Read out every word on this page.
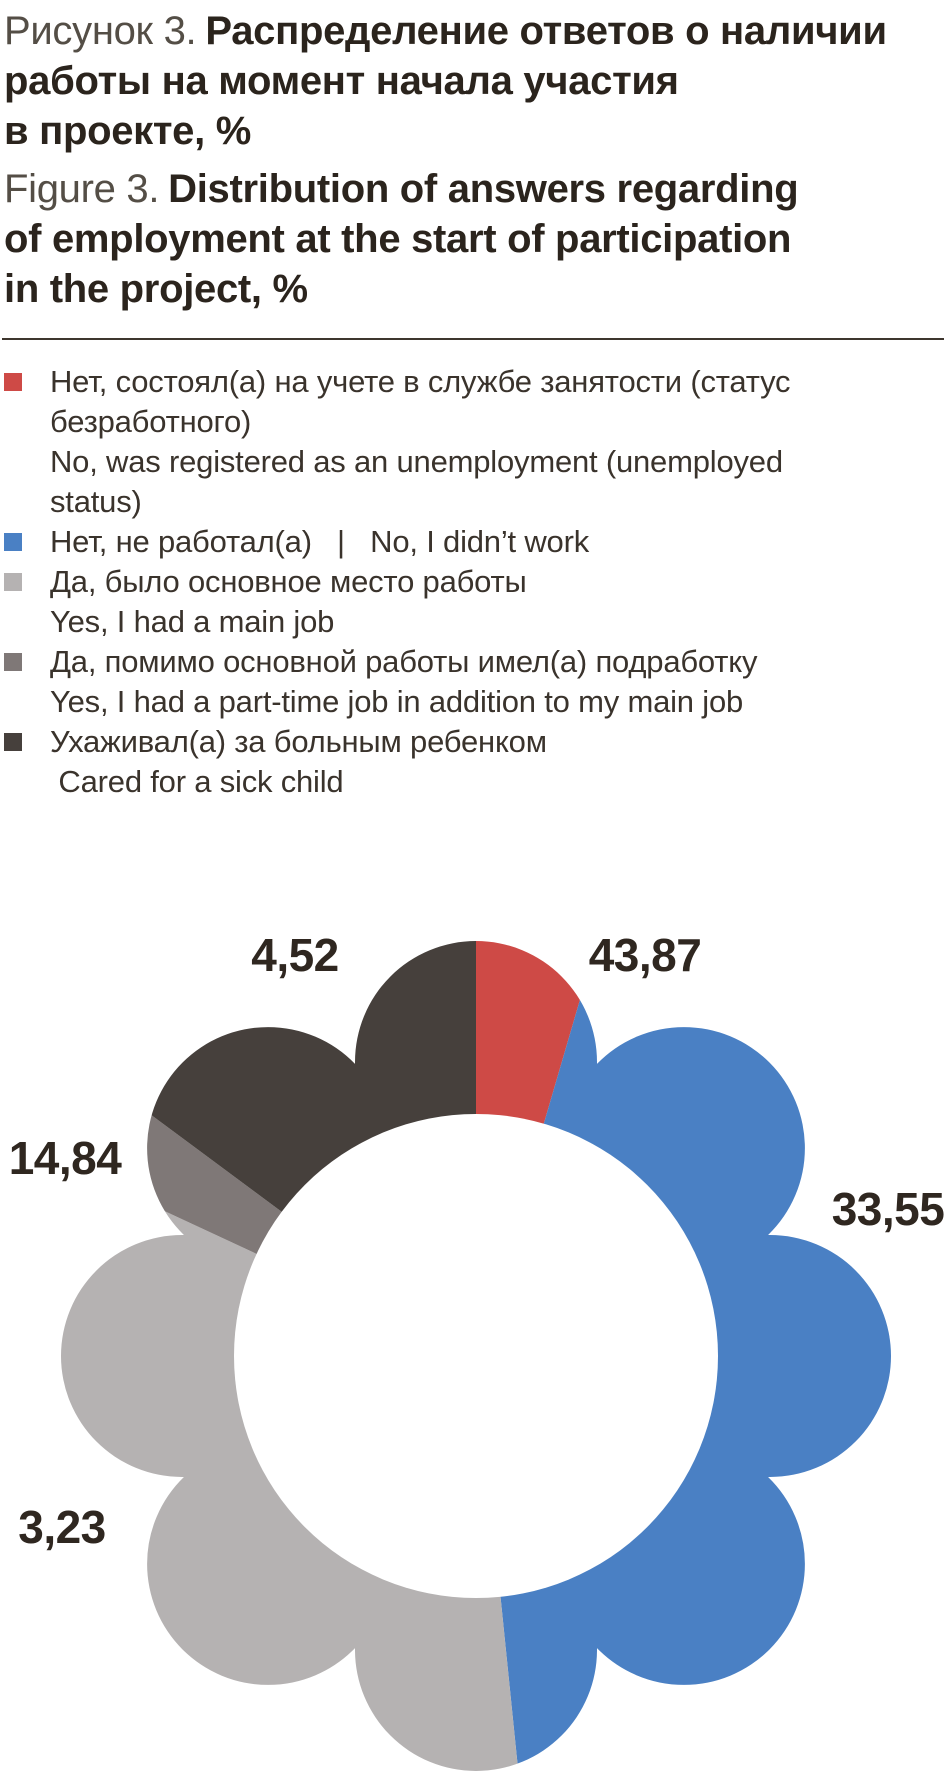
Рисунок 3. Распределение ответов о наличии
работы на момент начала участия
в проекте, %
Figure 3. Distribution of answers regarding
of employment at the start of participation
in the project, %
Нет, состоял(а) на учете в службе занятости (статус
безработного)
No, was registered as an unemployment (unemployed
status)
Нет, не работал(а)   |   No, I didn’t work
Да, было основное место работы
Yes, I had a main job
Да, помимо основной работы имел(а) подработку
Yes, I had a part-time job in addition to my main job
Ухаживал(а) за больным ребенком
Cared for a sick child
4,52	43,87
33,55
3,23
14,84
